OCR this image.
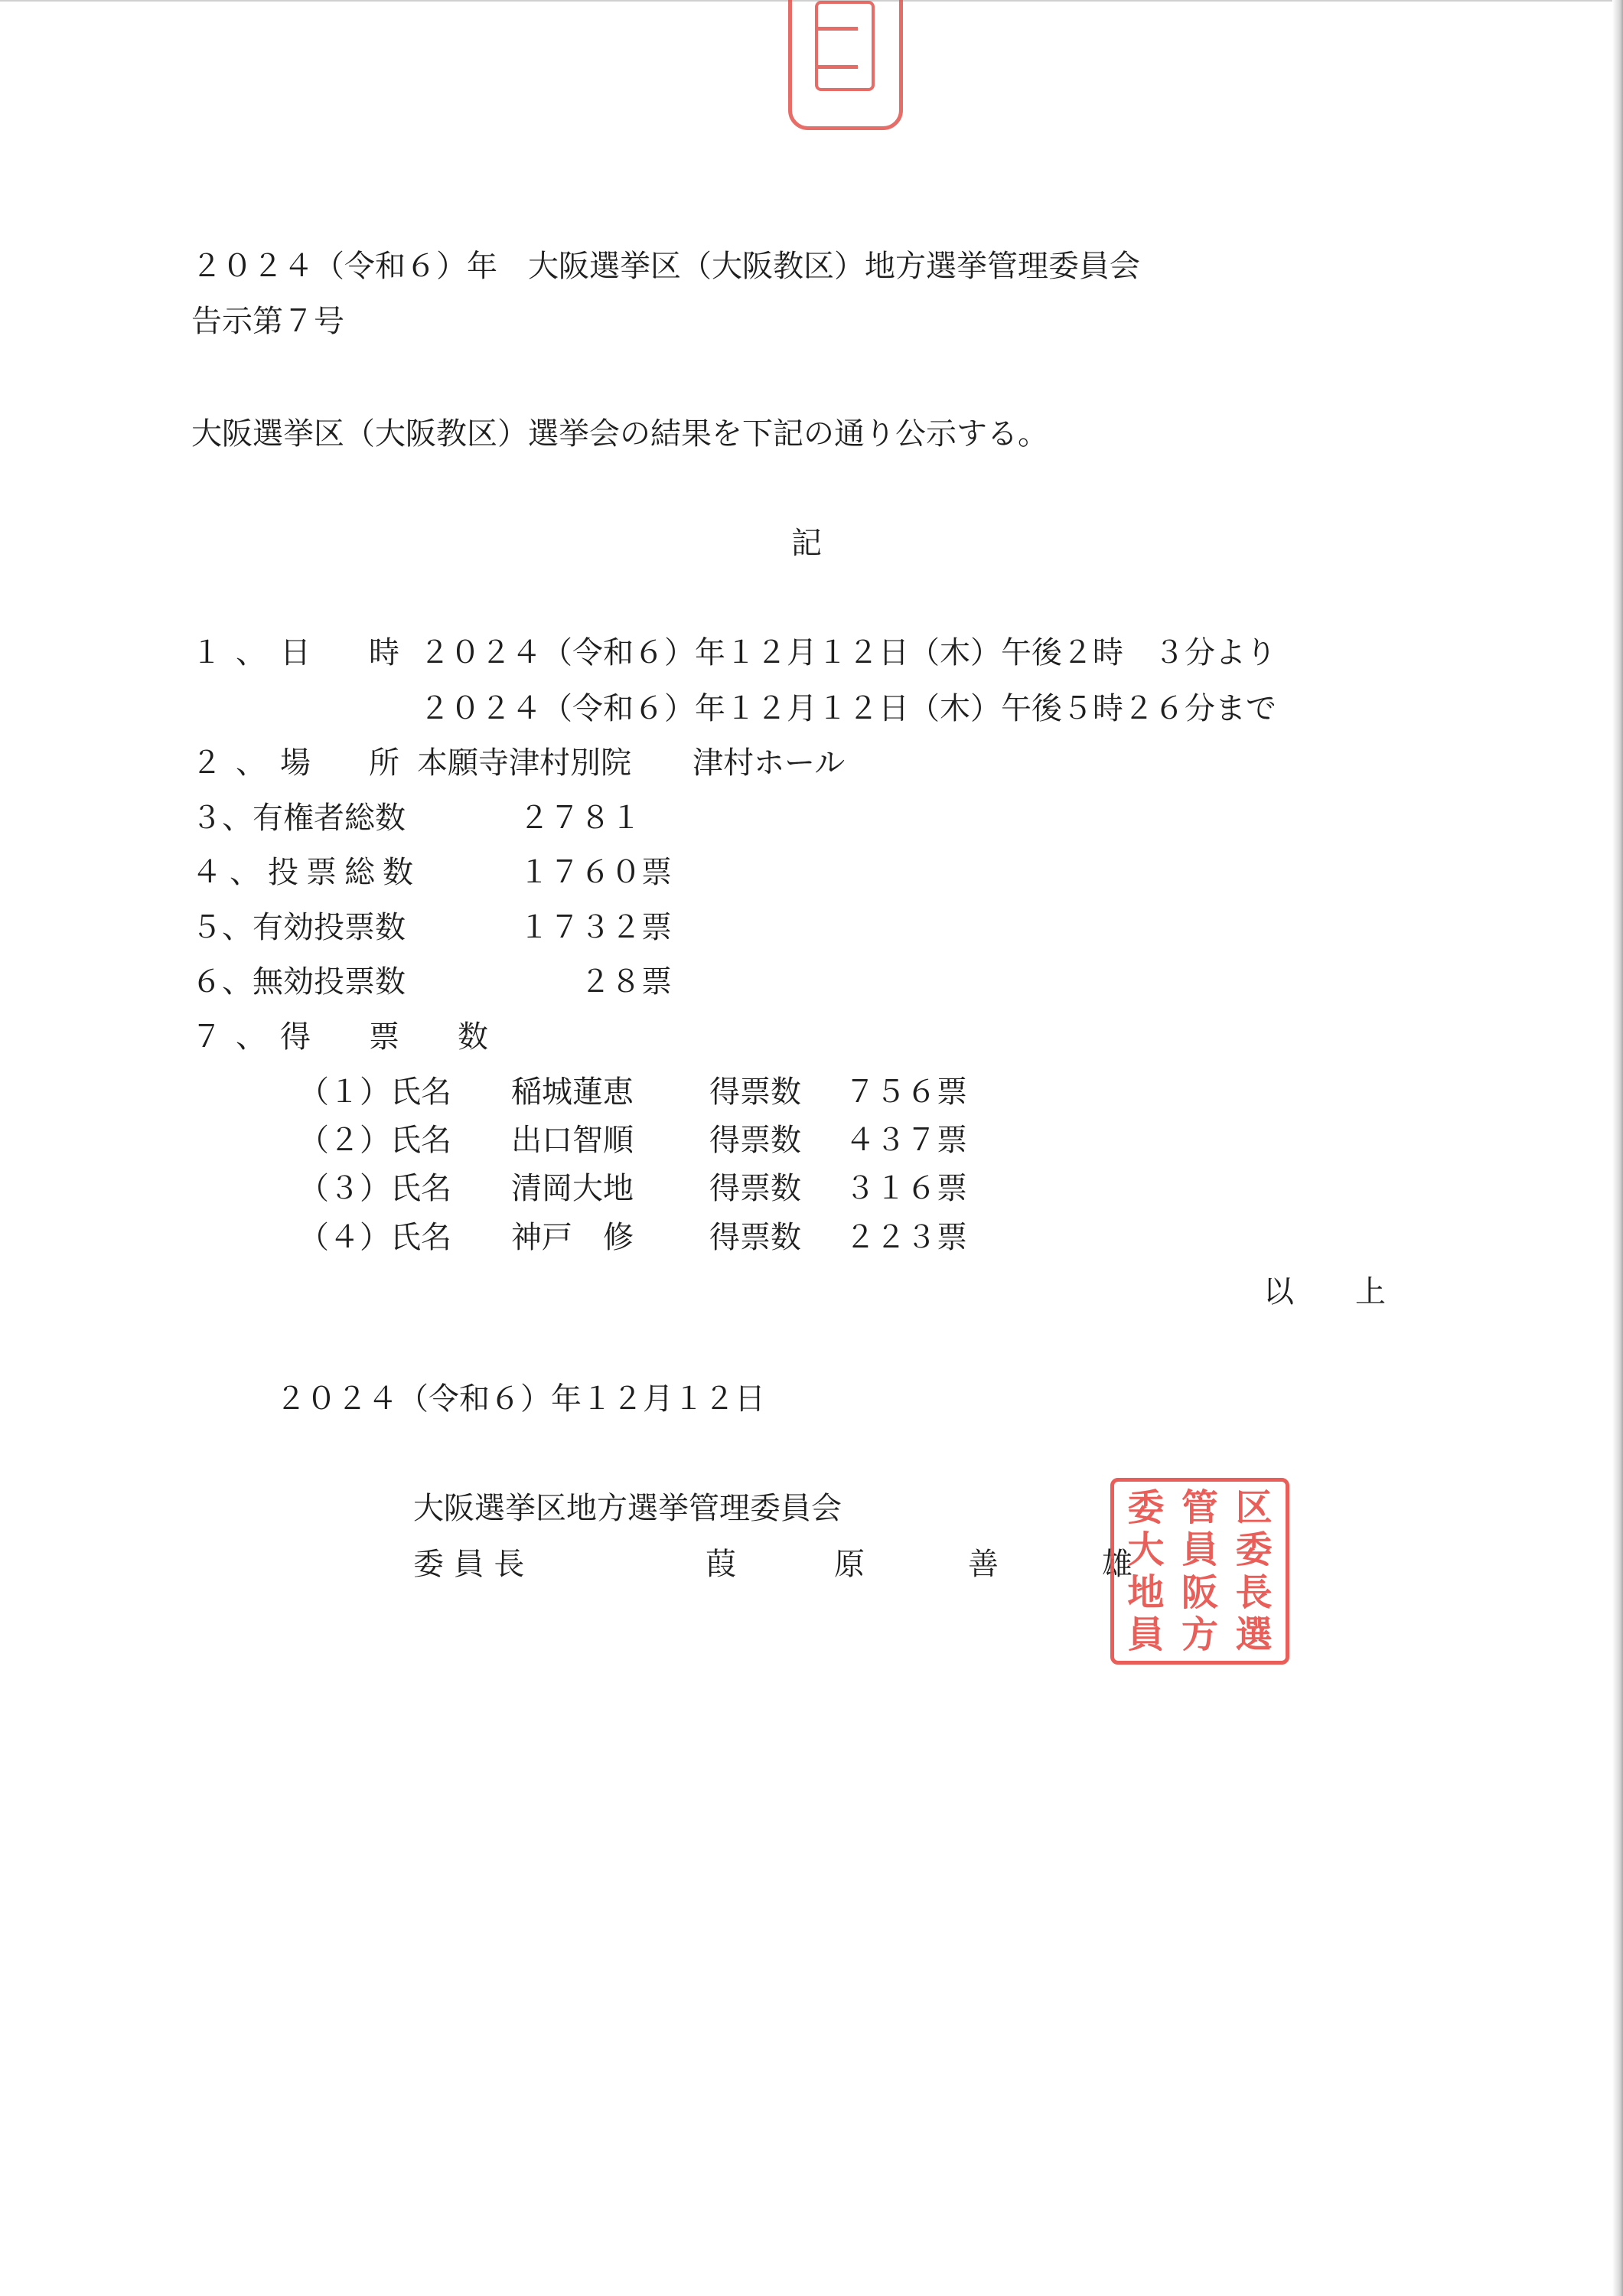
２０２４（令和６）年　大阪選挙区（大阪教区）地方選挙管理委員会
告示第７号
大阪選挙区（大阪教区）選挙会の結果を下記の通り公示する。
記
１、日　時 ２０２４（令和６）年１２月１２日（木）午後２時　３分より
２０２４（令和６）年１２月１２日（木）午後５時２６分まで
２、場　所 本願寺津村別院　　津村ホール
３、有権者総数	２７８１
４、投票総数	１７６０票
５、有効投票数	１７３２票
６、無効投票数	２８票
７、得　票　数
（１）氏名 稲城蓮恵 得票数 ７５６票
（２）氏名 出口智順 得票数 ４３７票
（３）氏名 清岡大地 得票数 ３１６票
（４）氏名 神戸　修 得票数 ２２３票
以　　上
２０２４（令和６）年１２月１２日
大阪選挙区地方選挙管理委員会
委 員 長	葭	原	善	雄
委 管 区
大 員 委
地 阪 長
員 方 選
